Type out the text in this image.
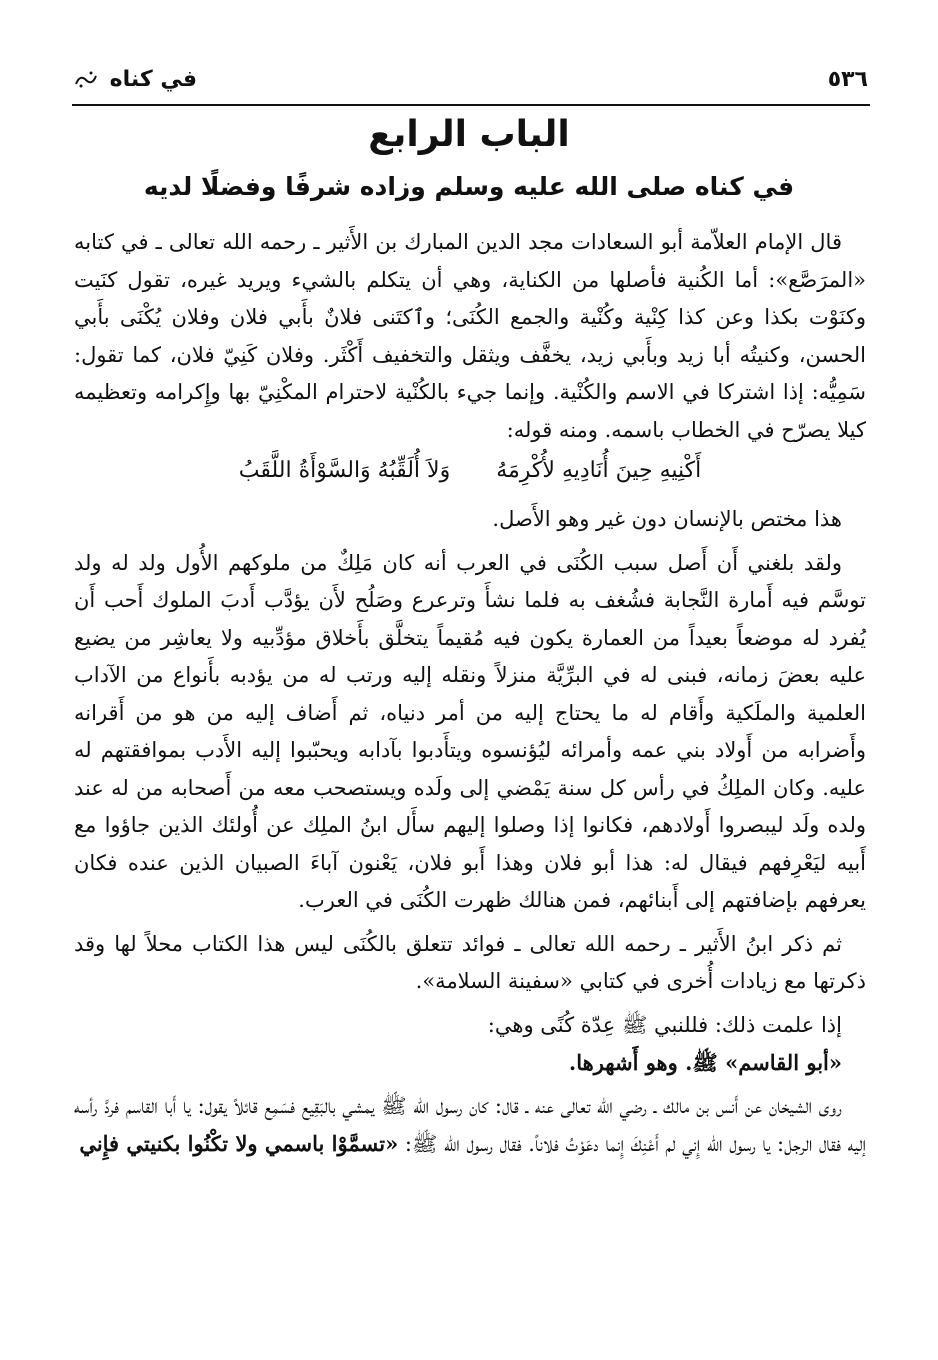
٥٣٦
في كناه
الباب الرابع
في كناه صلى الله عليه وسلم وزاده شرفًا وفضلًا لديه

قال الإمام العلاّمة أبو السعادات مجد الدين المبارك بن الأَثير ـ رحمه الله تعالى ـ في كتابه «المرَصَّع»: أما الكُنية فأصلها من الكناية، وهي أن يتكلم بالشيء ويريد غيره، تقول كنَيت وكنَوْت بكذا وعن كذا كِنْية وكُنْية والجمع الكُنَى؛ وٱكتَنى فلانٌ بأَبي فلان وفلان يُكْنَى بأَبي الحسن، وكنيتُه أبا زيد وبأَبي زيد، يخفَّف ويثقل والتخفيف أَكْثَر. وفلان كَنِيّ فلان، كما تقول: سَمِيُّه: إذا اشتركا في الاسم والكُنْية. وإنما جيء بالكُنْية لاحترام المكْنِيّ بها وإِكرامه وتعظيمه كيلا يصرّح في الخطاب باسمه. ومنه قوله:

أَكْنِيهِ حِينَ أُنَادِيهِ لأُكْرِمَهُ
وَلاَ أُلَقِّبُهُ وَالسَّوْأَةُ اللَّقَبُ

هذا مختص بالإنسان دون غير وهو الأَصل.

ولقد بلغني أَن أَصل سبب الكُنَى في العرب أنه كان مَلِكٌ من ملوكهم الأُول ولد له ولد توسَّم فيه أَمارة النَّجابة فشُغف به فلما نشأَ وترعرع وصَلُح لأَن يؤدَّب أَدبَ الملوك أَحب أَن يُفرد له موضعاً بعيداً من العمارة يكون فيه مُقيماً يتخلَّق بأَخلاق مؤدِّبيه ولا يعاشِر من يضيع عليه بعضَ زمانه، فبنى له في البرِّيَّة منزلاً ونقله إليه ورتب له من يؤدبه بأَنواع من الآداب العلمية والملَكية وأَقام له ما يحتاج إليه من أمر دنياه، ثم أَضاف إليه من هو من أَقرانه وأَضرابه من أَولاد بني عمه وأمرائه ليُؤنسوه ويتأَدبوا بآدابه ويحبّبوا إليه الأَدب بموافقتهم له عليه. وكان الملِكُ في رأس كل سنة يَمْضي إلى ولَده ويستصحب معه من أَصحابه من له عند ولده ولَد ليبصروا أَولادهم، فكانوا إذا وصلوا إليهم سأَل ابنُ الملِك عن أُولئك الذين جاؤوا مع أَبيه ليَعْرِفهم فيقال له: هذا أبو فلان وهذا أَبو فلان، يَعْنون آباءَ الصبيان الذين عنده فكان يعرفهم بإضافتهم إلى أَبنائهم، فمن هنالك ظهرت الكُنَى في العرب.

ثم ذكر ابنُ الأَثير ـ رحمه الله تعالى ـ فوائد تتعلق بالكُنَى ليس هذا الكتاب محلاً لها وقد ذكرتها مع زيادات أُخرى في كتابي «سفينة السلامة».

إذا علمت ذلك: فللنبي ﷺ عِدّة كُنًى وهي:

«أبو القاسم» ﷺ. وهو أَشهرها.

روى الشيخان عن أَنس بن مالك ـ رضي الله تعالى عنه ـ قال: كان رسول الله ﷺ يمشي بالبَقِيع فسَمِع قائلاً يقول: يا أَبا القاسم فردَّ رأسه إليه فقال الرجل: يا رسول الله إِني لم أَعْنِكَ إِنما دعَوْتُ فلاناً. فقال رسول الله ﷺ: «تسمَّوْا باسمي ولا تكْنُوا بكنيتي فإِني
